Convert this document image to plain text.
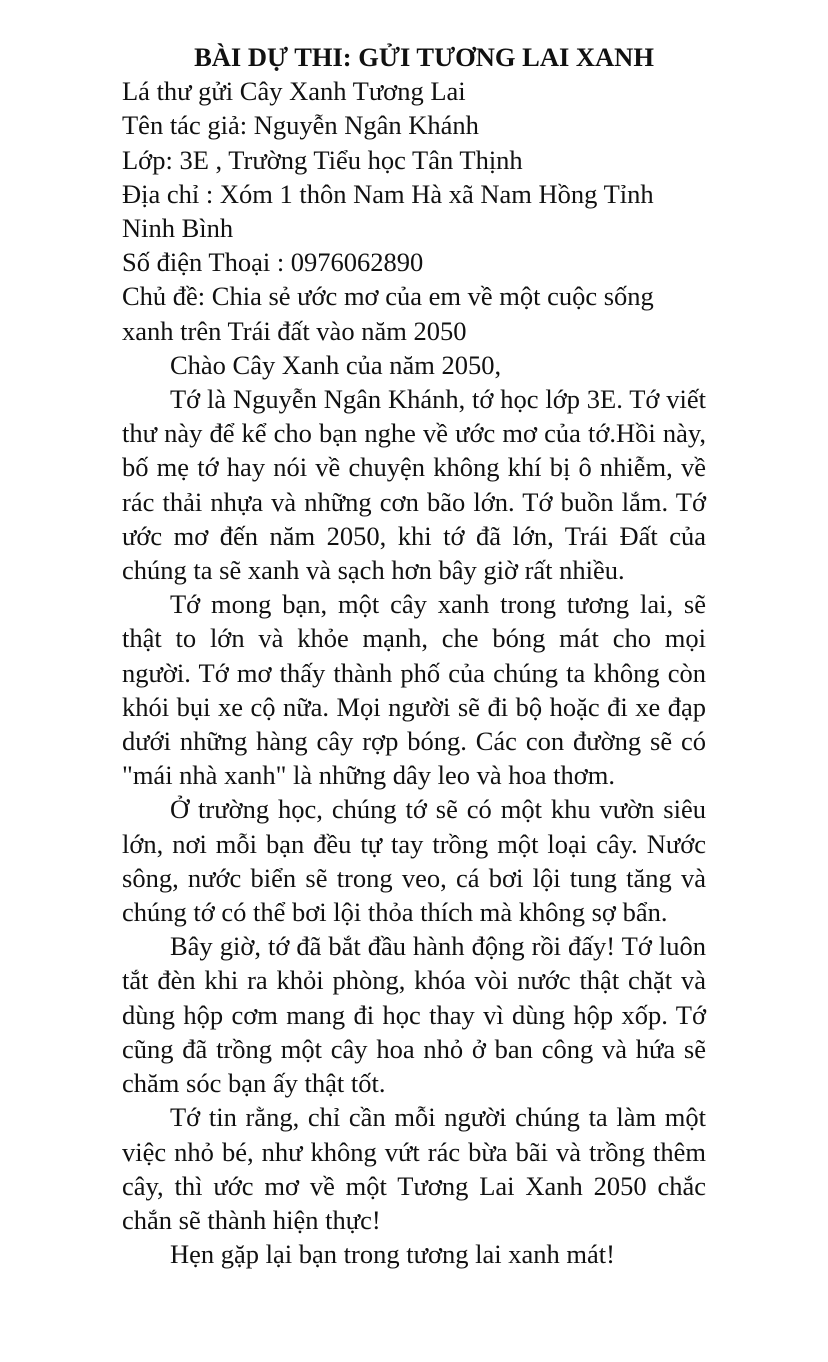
BÀI DỰ THI: GỬI TƯƠNG LAI XANH

Lá thư gửi Cây Xanh Tương Lai

Tên tác giả: Nguyễn Ngân Khánh

Lớp: 3E , Trường Tiểu học Tân Thịnh

Địa chỉ : Xóm 1 thôn Nam Hà xã Nam Hồng Tỉnh Ninh Bình

Số điện Thoại : 0976062890

Chủ đề: Chia sẻ ước mơ của em về một cuộc sống xanh trên Trái đất vào năm 2050

Chào Cây Xanh của năm 2050,

Tớ là Nguyễn Ngân Khánh, tớ học lớp 3E. Tớ viết thư này để kể cho bạn nghe về ước mơ của tớ.Hồi này, bố mẹ tớ hay nói về chuyện không khí bị ô nhiễm, về rác thải nhựa và những cơn bão lớn. Tớ buồn lắm. Tớ ước mơ đến năm 2050, khi tớ đã lớn, Trái Đất của chúng ta sẽ xanh và sạch hơn bây giờ rất nhiều.

Tớ mong bạn, một cây xanh trong tương lai, sẽ thật to lớn và khỏe mạnh, che bóng mát cho mọi người. Tớ mơ thấy thành phố của chúng ta không còn khói bụi xe cộ nữa. Mọi người sẽ đi bộ hoặc đi xe đạp dưới những hàng cây rợp bóng. Các con đường sẽ có "mái nhà xanh" là những dây leo và hoa thơm.

Ở trường học, chúng tớ sẽ có một khu vườn siêu lớn, nơi mỗi bạn đều tự tay trồng một loại cây. Nước sông, nước biển sẽ trong veo, cá bơi lội tung tăng và chúng tớ có thể bơi lội thỏa thích mà không sợ bẩn.

Bây giờ, tớ đã bắt đầu hành động rồi đấy! Tớ luôn tắt đèn khi ra khỏi phòng, khóa vòi nước thật chặt và dùng hộp cơm mang đi học thay vì dùng hộp xốp. Tớ cũng đã trồng một cây hoa nhỏ ở ban công và hứa sẽ chăm sóc bạn ấy thật tốt.

Tớ tin rằng, chỉ cần mỗi người chúng ta làm một việc nhỏ bé, như không vứt rác bừa bãi và trồng thêm cây, thì ước mơ về một Tương Lai Xanh 2050 chắc chắn sẽ thành hiện thực!

Hẹn gặp lại bạn trong tương lai xanh mát!
